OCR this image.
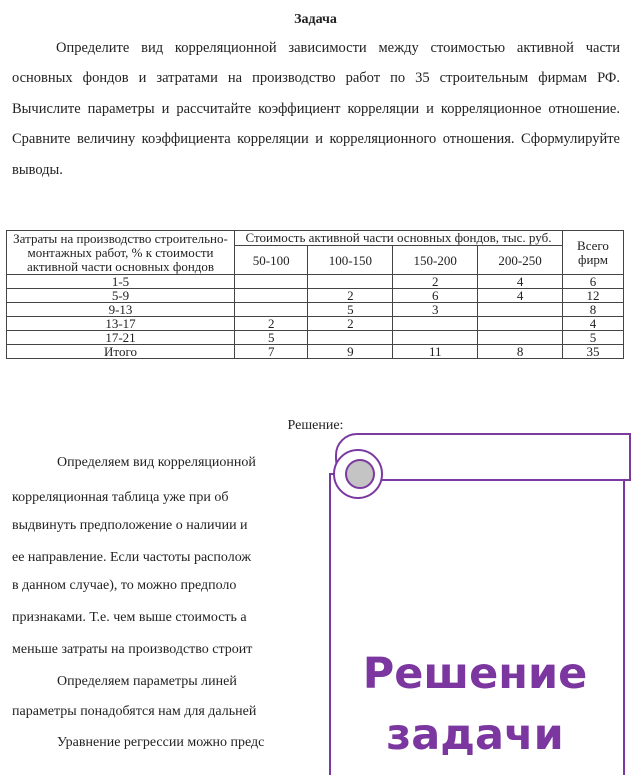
Задача
Определите вид корреляционной зависимости между стоимостью активной части основных фондов и затратами на производство работ по 35 строительным фирмам РФ. Вычислите параметры и рассчитайте коэффициент корреляции и корреляционное отношение. Сравните величину коэффициента корреляции и корреляционного отношения. Сформулируйте выводы.
Затраты на производство строительно-монтажных работ, % к стоимости активной части основных фондов	Стоимость активной части основных фондов, тыс. руб.				Всего фирм
	50-100	100-150	150-200	200-250	
1-5			2	4	6
5-9		2	6	4	12
9-13		5	3		8
13-17	2	2			4
17-21	5				5
Итого	7	9	11	8	35
Решение:
Определяем вид корреляционной
корреляционная таблица уже при об
выдвинуть предположение о наличии и
ее направление. Если частоты располож
в данном случае), то можно предполо
признаками. Т.е. чем выше стоимость а
меньше затраты на производство строит
Определяем параметры линей
параметры понадобятся нам для дальней
Уравнение регрессии можно предс
Решение
задачи
